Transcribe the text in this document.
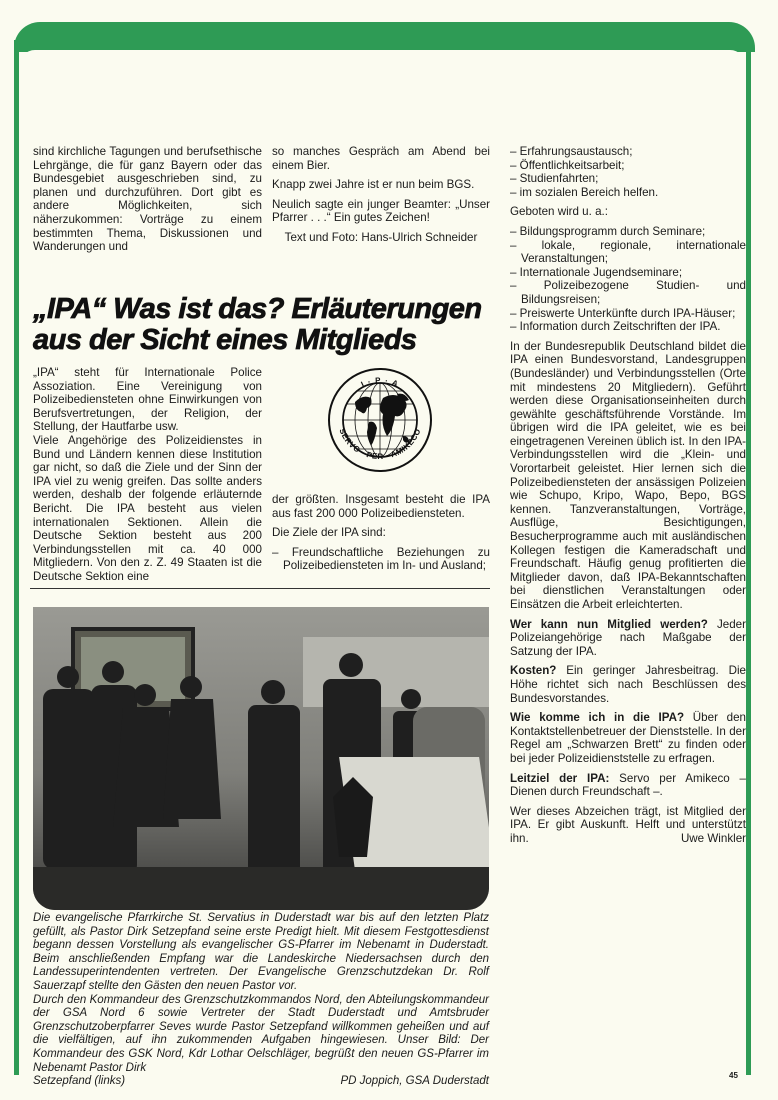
sind kirchliche Tagungen und berufsethische Lehrgänge, die für ganz Bayern oder das Bundesgebiet ausgeschrieben sind, zu planen und durchzuführen. Dort gibt es andere Möglichkeiten, sich näherzukommen: Vorträge zu einem bestimmten Thema, Diskussionen und Wanderungen und

so manches Gespräch am Abend bei einem Bier.

Knapp zwei Jahre ist er nun beim BGS.

Neulich sagte ein junger Beamter: „Unser Pfarrer . . .“ Ein gutes Zeichen!

Text und Foto: Hans-Ulrich Schneider

„IPA“ Was ist das? Erläuterungen aus der Sicht eines Mitglieds

„IPA“ steht für Internationale Police Assoziation. Eine Vereinigung von Polizeibediensteten ohne Einwirkungen von Berufsvertretungen, der Religion, der Stellung, der Hautfarbe usw.

Viele Angehörige des Polizeidienstes in Bund und Ländern kennen diese Institution gar nicht, so daß die Ziele und der Sinn der IPA viel zu wenig greifen. Das sollte anders werden, deshalb der folgende erläuternde Bericht. Die IPA besteht aus vielen internationalen Sektionen. Allein die Deutsche Sektion besteht aus 200 Verbindungsstellen mit ca. 40 000 Mitgliedern. Von den z. Z. 49 Staaten ist die Deutsche Sektion eine

I · P · A
SERVO · PER · AMIKECO

der größten. Insgesamt besteht die IPA aus fast 200 000 Polizeibediensteten.

Die Ziele der IPA sind:

– Freundschaftliche Beziehungen zu Polizeibediensteten im In- und Ausland;
– Erfahrungsaustausch;
– Öffentlichkeitsarbeit;
– Studienfahrten;
– im sozialen Bereich helfen.

Geboten wird u. a.:

– Bildungsprogramm durch Seminare;
– lokale, regionale, internationale Veranstaltungen;
– Internationale Jugendseminare;
– Polizeibezogene Studien- und Bildungsreisen;
– Preiswerte Unterkünfte durch IPA-Häuser;
– Information durch Zeitschriften der IPA.

In der Bundesrepublik Deutschland bildet die IPA einen Bundesvorstand, Landesgruppen (Bundesländer) und Verbindungsstellen (Orte mit mindestens 20 Mitgliedern). Geführt werden diese Organisationseinheiten durch gewählte geschäftsführende Vorstände. Im übrigen wird die IPA geleitet, wie es bei eingetragenen Vereinen üblich ist. In den IPA-Verbindungsstellen wird die „Klein- und Vorortarbeit geleistet. Hier lernen sich die Polizeibediensteten der ansässigen Polizeien wie Schupo, Kripo, Wapo, Bepo, BGS kennen. Tanzveranstaltungen, Vorträge, Ausflüge, Besichtigungen, Besucherprogramme auch mit ausländischen Kollegen festigen die Kameradschaft und Freundschaft. Häufig genug profitierten die Mitglieder davon, daß IPA-Bekanntschaften bei dienstlichen Veranstaltungen oder Einsätzen die Arbeit erleichterten.

Wer kann nun Mitglied werden? Jeder Polizeiangehörige nach Maßgabe der Satzung der IPA.

Kosten? Ein geringer Jahresbeitrag. Die Höhe richtet sich nach Beschlüssen des Bundesvorstandes.

Wie komme ich in die IPA? Über den Kontaktstellenbetreuer der Dienststelle. In der Regel am „Schwarzen Brett“ zu finden oder bei jeder Polizeidienststelle zu erfragen.

Leitziel der IPA: Servo per Amikeco – Dienen durch Freundschaft –.

Wer dieses Abzeichen trägt, ist Mitglied der IPA. Er gibt Auskunft. Helft und unterstützt ihn.	Uwe Winkler

Die evangelische Pfarrkirche St. Servatius in Duderstadt war bis auf den letzten Platz gefüllt, als Pastor Dirk Setzepfand seine erste Predigt hielt. Mit diesem Festgottesdienst begann dessen Vorstellung als evangelischer GS-Pfarrer im Nebenamt in Duderstadt. Beim anschließenden Empfang war die Landeskirche Niedersachsen durch den Landessuperintendenten vertreten. Der Evangelische Grenzschutzdekan Dr. Rolf Sauerzapf stellte den Gästen den neuen Pastor vor.

Durch den Kommandeur des Grenzschutzkommandos Nord, den Abteilungskommandeur der GSA Nord 6 sowie Vertreter der Stadt Duderstadt und Amtsbruder Grenzschutzoberpfarrer Seves wurde Pastor Setzepfand willkommen geheißen und auf die vielfältigen, auf ihn zukommenden Aufgaben hingewiesen. Unser Bild: Der Kommandeur des GSK Nord, Kdr Lothar Oelschläger, begrüßt den neuen GS-Pfarrer im Nebenamt Pastor Dirk

Setzepfand (links)	PD Joppich, GSA Duderstadt	45
